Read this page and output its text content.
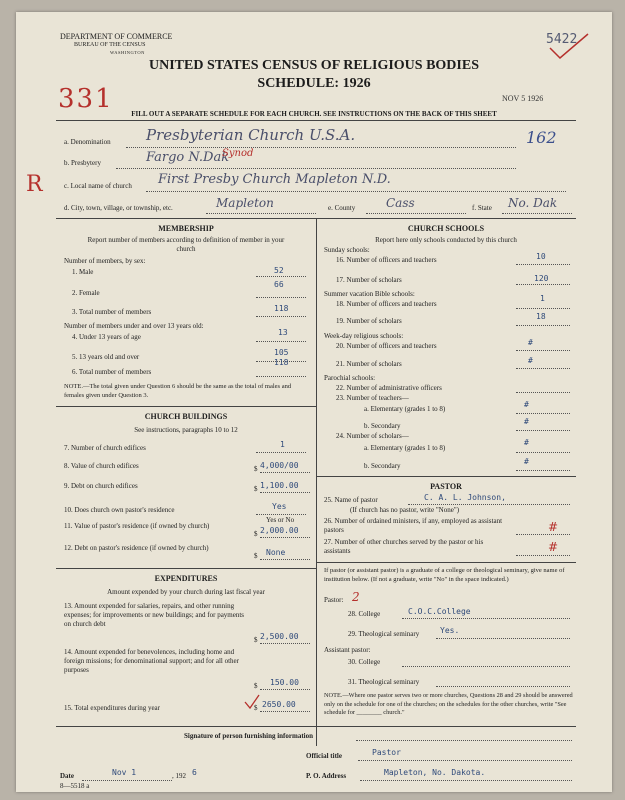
DEPARTMENT OF COMMERCE
BUREAU OF THE CENSUS
WASHINGTON
5422
UNITED STATES CENSUS OF RELIGIOUS BODIES
SCHEDULE: 1926
331	NOV 5 1926
FILL OUT A SEPARATE SCHEDULE FOR EACH CHURCH. SEE INSTRUCTIONS ON THE BACK OF THIS SHEET
a. Denomination Presbyterian Church U.S.A.	162
b. Presbytery	Fargo N.Dak
Synod
c. Local name of church First Presby Church Mapleton N.D.
R
d. City, town, village, or township, etc.	Mapleton	e. County	Cass	f. State No. Dak
MEMBERSHIP
Report number of members according to definition of member in your church
Number of members, by sex:
1. Male	52
2. Female
66
3. Total number of members	118
Number of members under and over 13 years old:
4. Under 13 years of age	13
5. 13 years old and over	105
6. Total number of members
118
NOTE.—The total given under Question 6 should be the same as the total of males and females given under Question 3.
CHURCH BUILDINGS
See instructions, paragraphs 10 to 12
7. Number of church edifices	1
8. Value of church edifices	$ 4,000/00
9. Debt on church edifices	$ 1,100.00
10. Does church own pastor's residence	Yes
Yes or No
11. Value of pastor's residence (if owned by church)
$ 2,000.00
12. Debt on pastor's residence (if owned by church)
$ None
EXPENDITURES
Amount expended by your church during last fiscal year
13. Amount expended for salaries, repairs, and other running expenses; for improvements or new buildings; and for payments on church debt
$ 2,500.00
14. Amount expended for benevolences, including home and foreign missions; for denominational support; and for all other purposes
$ 150.00
15. Total expenditures during year	$ 2650.00
CHURCH SCHOOLS
Report here only schools conducted by this church
Sunday schools:
16. Number of officers and teachers	10
17. Number of scholars	120
Summer vacation Bible schools:
18. Number of officers and teachers
1
19. Number of scholars	18
Week-day religious schools:
20. Number of officers and teachers	#
21. Number of scholars	#
Parochial schools:
22. Number of administrative officers
23. Number of teachers—
a. Elementary (grades 1 to 8)	#
b. Secondary	#
24. Number of scholars—
a. Elementary (grades 1 to 8)
#
b. Secondary	#
PASTOR
25. Name of pastor	C. A. L. Johnson,
(If church has no pastor, write "None")
26. Number of ordained ministers, if any, employed as assistant pastors	#
27. Number of other churches served by the pastor or his assistants	#
If pastor (or assistant pastor) is a graduate of a college or theological seminary, give name of institution below. (If not a graduate, write "No" in the space indicated.)
Pastor: 2
28. College	C.O.C.College
29. Theological seminary	Yes.
Assistant pastor:
30. College
31. Theological seminary
NOTE.—Where one pastor serves two or more churches, Questions 28 and 29 should be answered only on the schedule for one of the churches; on the schedules for the other churches, write "See schedule for ________ church."
Signature of person furnishing information
Official title	Pastor
Date	Nov 1	, 192 6	P. O. Address	Mapleton, No. Dakota.
8—5518 a
